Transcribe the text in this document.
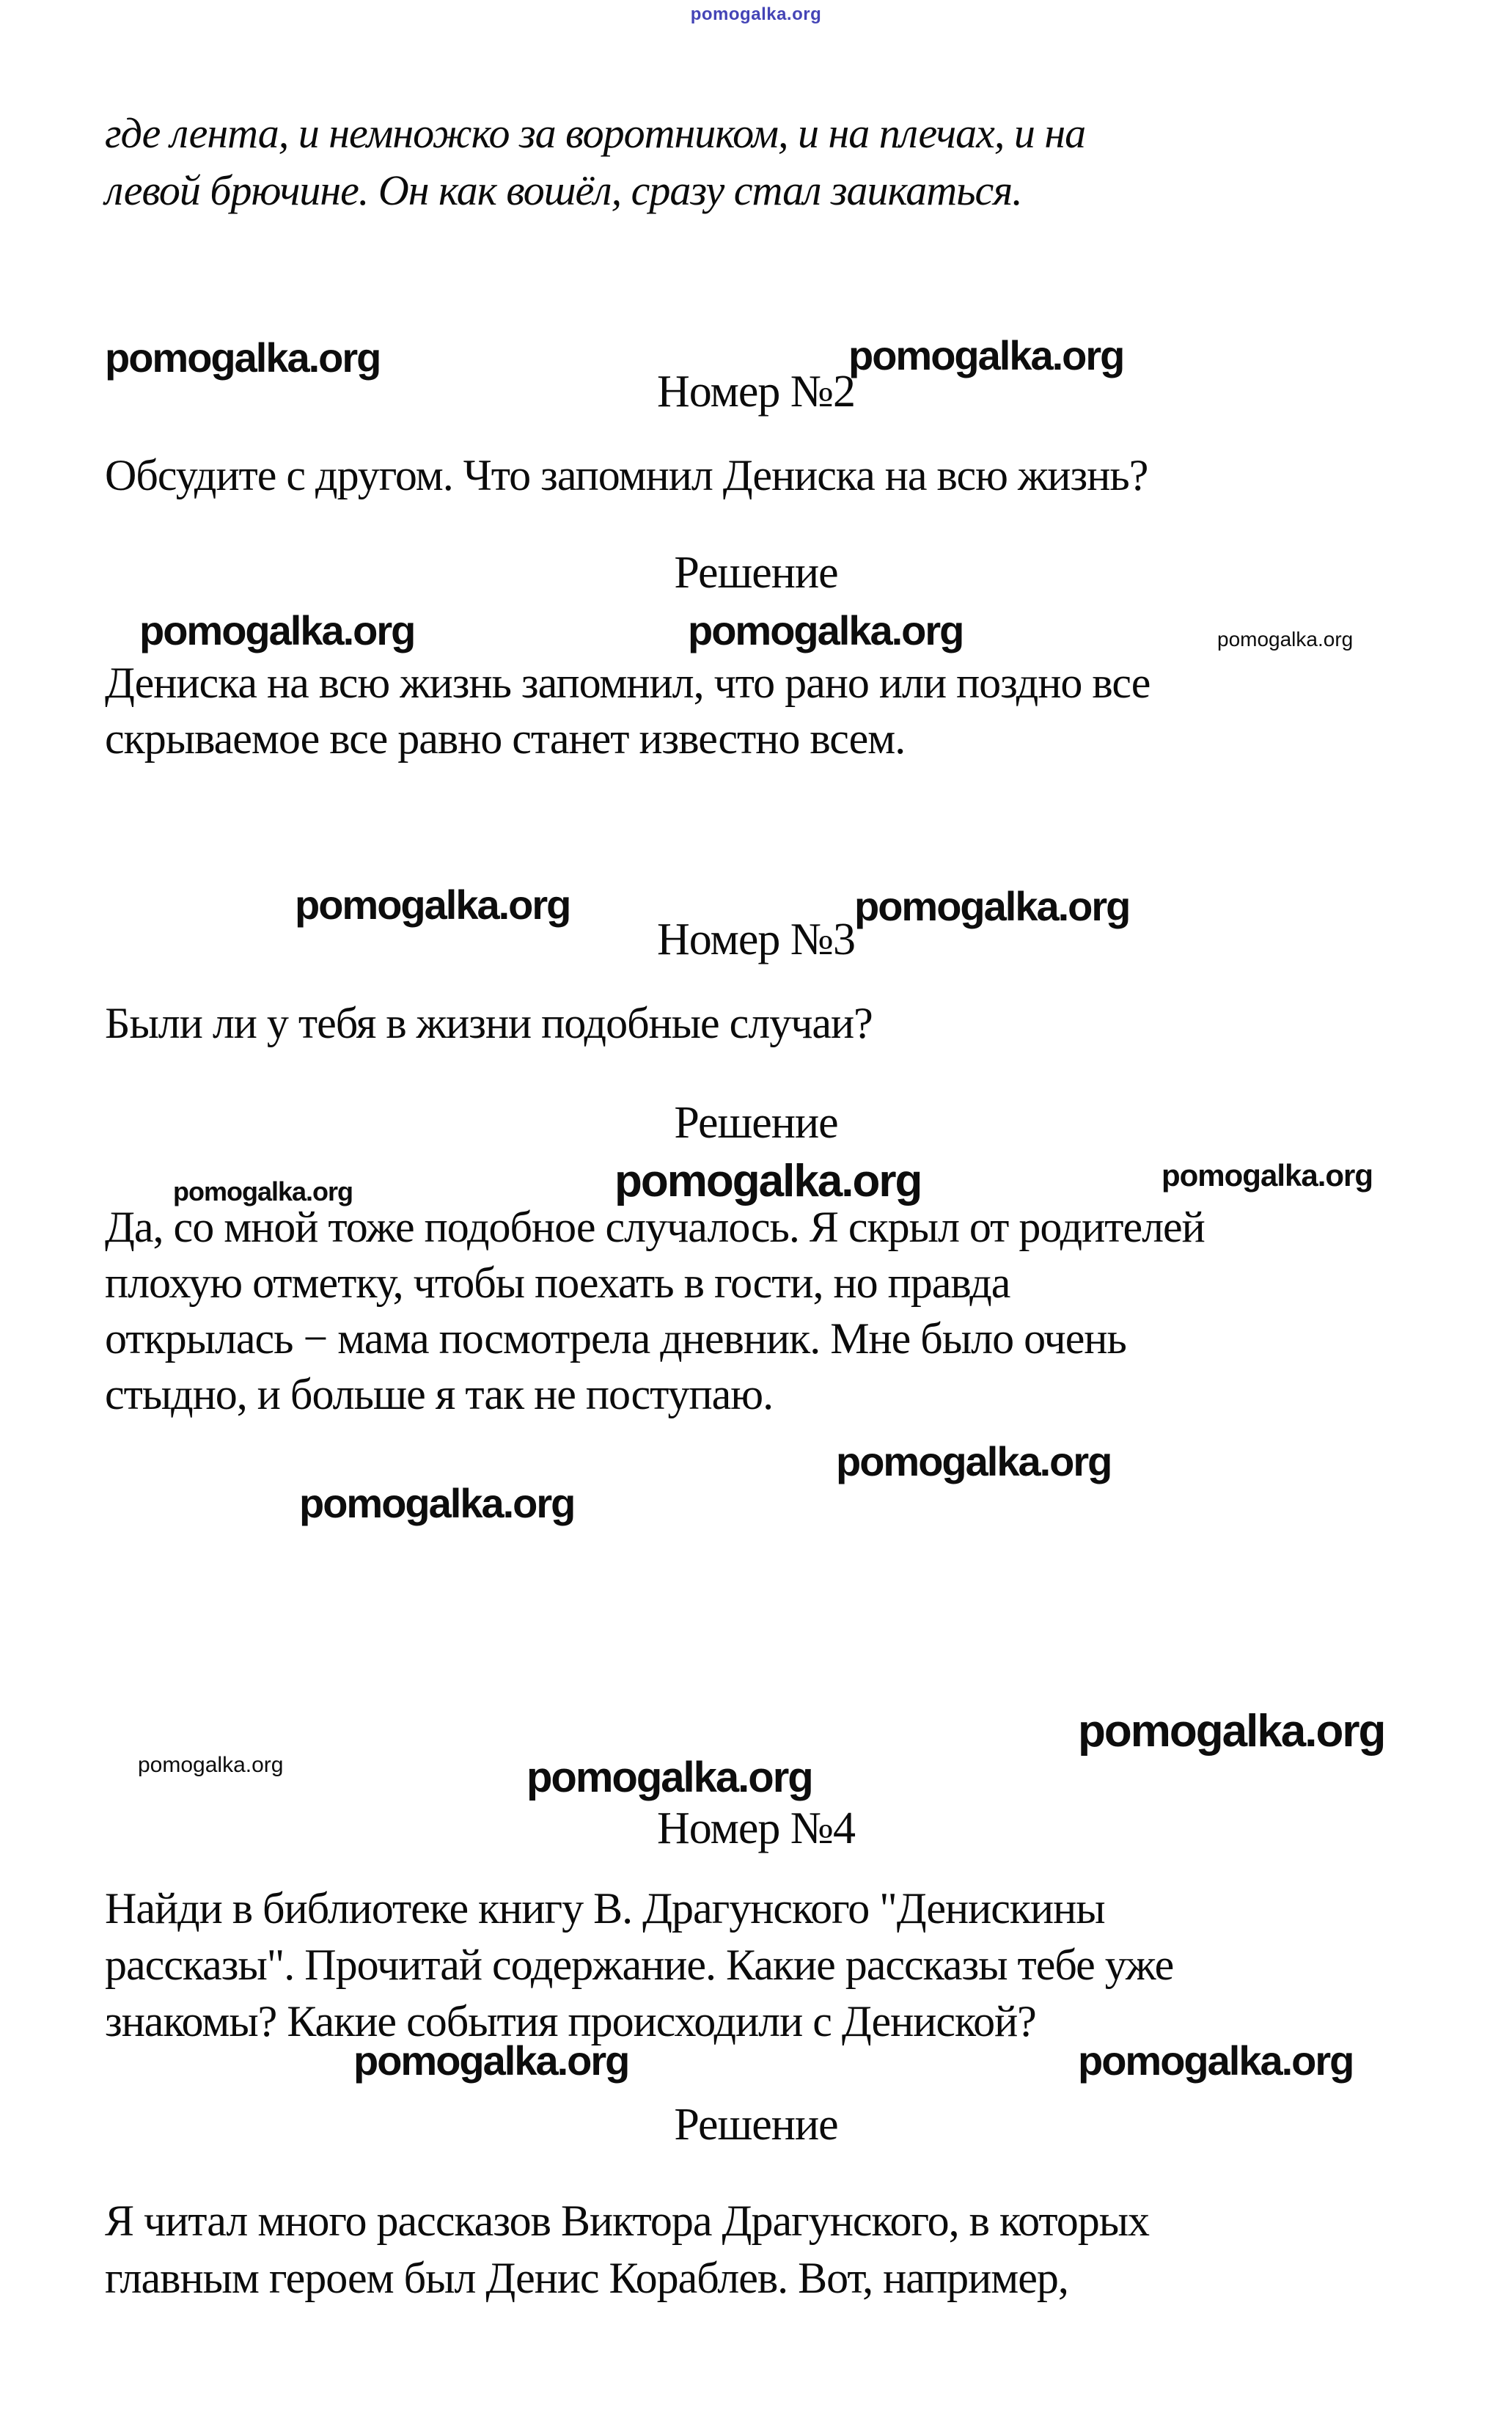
pomogalka.org
где лента, и немножко за воротником, и на плечах, и на
левой брючине. Он как вошёл, сразу стал заикаться.
pomogalka.org
Номер №2
pomogalka.org
Обсудите с другом. Что запомнил Дениска на всю жизнь?
Решение
pomogalka.org	pomogalka.org	pomogalka.org
Дениска на всю жизнь запомнил, что рано или поздно все
скрываемое все равно станет известно всем.
pomogalka.org
Номер №3
pomogalka.org
Были ли у тебя в жизни подобные случаи?
Решение
pomogalka.org	pomogalka.org	pomogalka.org
Да, со мной тоже подобное случалось. Я скрыл от родителей
плохую отметку, чтобы поехать в гости, но правда
открылась − мама посмотрела дневник. Мне было очень
стыдно, и больше я так не поступаю.
pomogalka.org
pomogalka.org
pomogalka.org
pomogalka.org	pomogalka.org
Номер №4
Найди в библиотеке книгу В. Драгунского "Денискины
рассказы". Прочитай содержание. Какие рассказы тебе уже
знакомы? Какие события происходили с Дениской?
pomogalka.org	pomogalka.org
Решение
Я читал много рассказов Виктора Драгунского, в которых
главным героем был Денис Кораблев. Вот, например,
